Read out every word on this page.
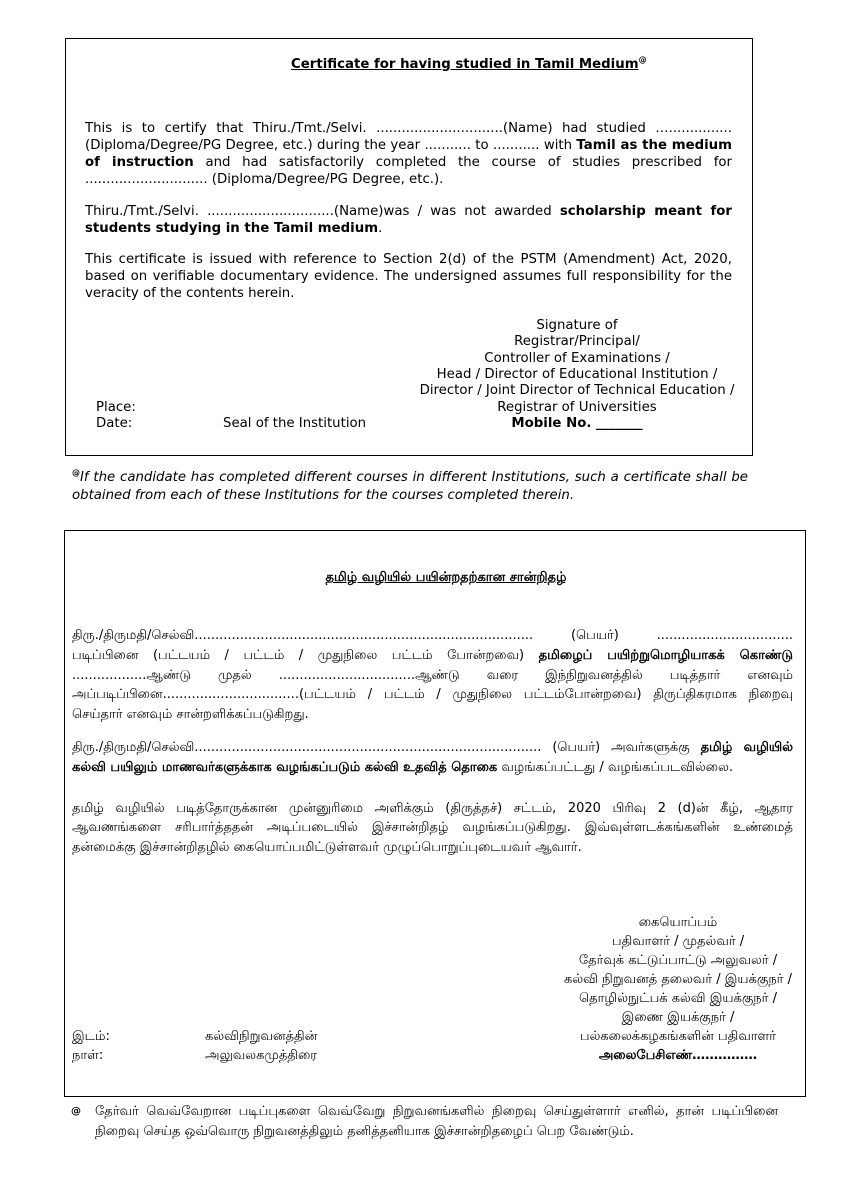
Certificate for having studied in Tamil Medium@

This is to certify that Thiru./Tmt./Selvi. ..............................(Name) had studied …............... (Diploma/Degree/PG Degree, etc.) during the year ........... to ........... with Tamil as the medium of instruction and had satisfactorily completed the course of studies prescribed for ............................. (Diploma/Degree/PG Degree, etc.).

Thiru./Tmt./Selvi. ..............................(Name)was / was not awarded scholarship meant for students studying in the Tamil medium.

This certificate is issued with reference to Section 2(d) of the PSTM (Amendment) Act, 2020, based on verifiable documentary evidence. The undersigned assumes full responsibility for the veracity of the contents herein.

Signature of
Registrar/Principal/
Controller of Examinations /
Head / Director of Educational Institution /
Director / Joint Director of Technical Education /
Registrar of Universities
Mobile No. _______
Place:
Date:	Seal of the Institution
@If the candidate has completed different courses in different Institutions, such a certificate shall be obtained from each of these Institutions for the courses completed therein.
தமிழ் வழியில் பயின்றதற்கான சான்றிதழ்

திரு./திருமதி/செல்வி.................................................................................. (பெயர்) ................................. படிப்பினை (பட்டயம் / பட்டம் / முதுநிலை பட்டம் போன்றவை) தமிழைப் பயிற்றுமொழியாகக் கொண்டு ..................ஆண்டு முதல் .................................ஆண்டு வரை இந்நிறுவனத்தில் படித்தார் எனவும் அப்படிப்பினை.................................(பட்டயம் / பட்டம் / முதுநிலை பட்டம்போன்றவை) திருப்திகரமாக நிறைவு செய்தார் எனவும் சான்றளிக்கப்படுகிறது.

திரு./திருமதி/செல்வி.................................................................................... (பெயர்) அவர்களுக்கு தமிழ் வழியில் கல்வி பயிலும் மாணவர்களுக்காக வழங்கப்படும் கல்வி உதவித் தொகை வழங்கப்பட்டது / வழங்கப்படவில்லை.

தமிழ் வழியில் படித்தோருக்கான முன்னுரிமை அளிக்கும் (திருத்தச்) சட்டம், 2020 பிரிவு 2 (d)ன் கீழ், ஆதார ஆவணங்களை சரிபார்த்ததன் அடிப்படையில் இச்சான்றிதழ் வழங்கப்படுகிறது. இவ்வுள்ளடக்கங்களின் உண்மைத் தன்மைக்கு இச்சான்றிதழில் கையொப்பமிட்டுள்ளவர் முழுப்பொறுப்புடையவர் ஆவார்.

கையொப்பம்
பதிவாளர் / முதல்வர் /
தேர்வுக் கட்டுப்பாட்டு அலுவலர் /
கல்வி நிறுவனத் தலைவர் / இயக்குநர் /
தொழில்நுட்பக் கல்வி இயக்குநர் /
இணை இயக்குநர் /
பல்கலைக்கழகங்களின் பதிவாளர்
அலைபேசிஎண்……………
இடம்:
நாள்:
கல்விநிறுவனத்தின்
அலுவலகமுத்திரை
@ தேர்வர் வெவ்வேறான படிப்புகளை வெவ்வேறு நிறுவனங்களில் நிறைவு செய்துள்ளார் எனில், தான் படிப்பினை நிறைவு செய்த ஒவ்வொரு நிறுவனத்திலும் தனித்தனியாக இச்சான்றிதழைப் பெற வேண்டும்.
